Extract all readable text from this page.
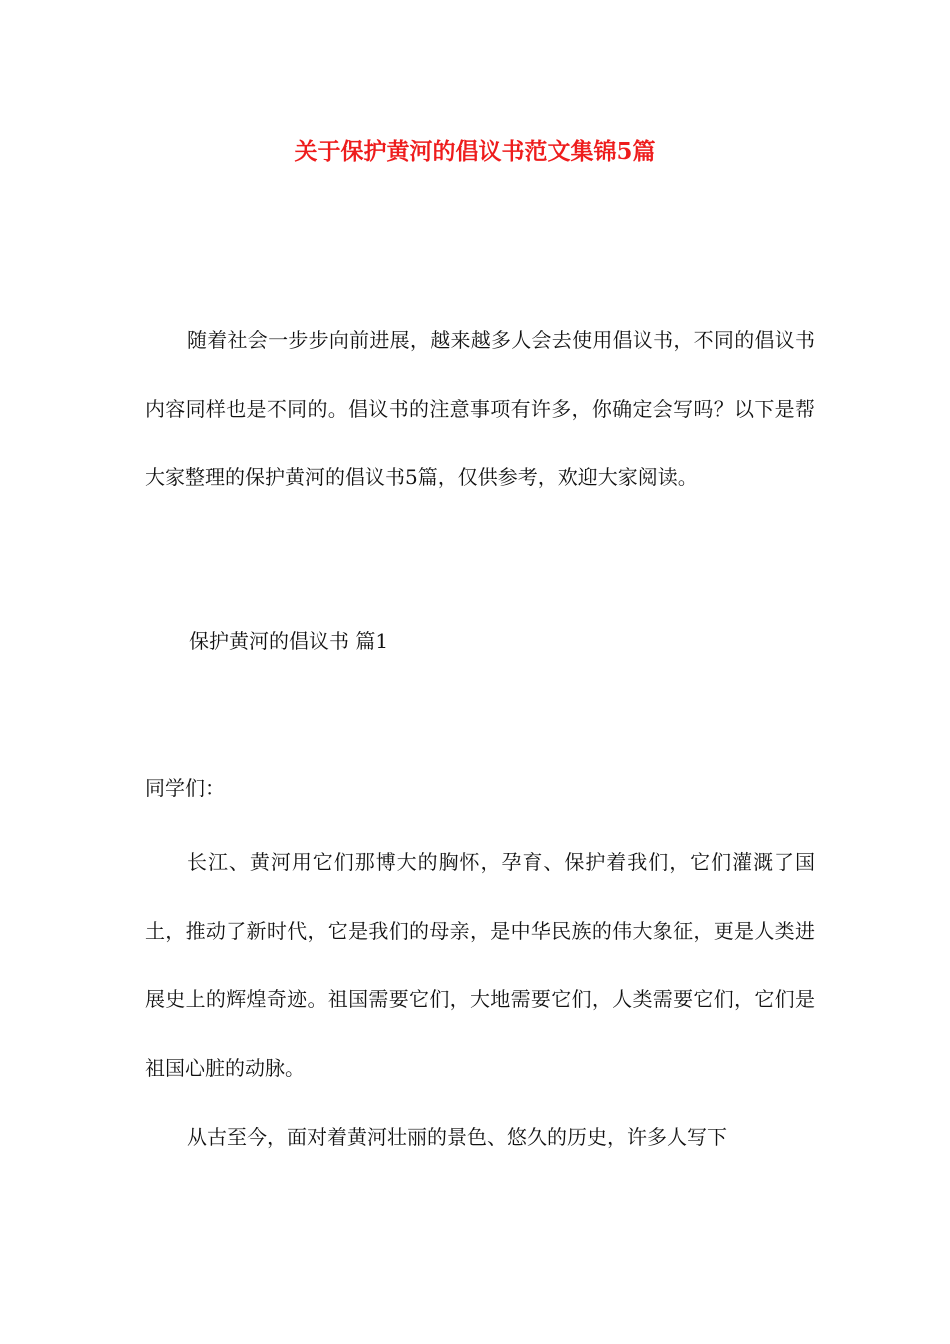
关于保护黄河的倡议书范文集锦5篇

随着社会一步步向前进展，越来越多人会去使用倡议书，不同的倡议书内容同样也是不同的。倡议书的注意事项有许多，你确定会写吗？以下是帮大家整理的保护黄河的倡议书5篇，仅供参考，欢迎大家阅读。

保护黄河的倡议书 篇1

同学们：

长江、黄河用它们那博大的胸怀，孕育、保护着我们，它们灌溉了国土，推动了新时代，它是我们的母亲，是中华民族的伟大象征，更是人类进展史上的辉煌奇迹。祖国需要它们，大地需要它们，人类需要它们，它们是祖国心脏的动脉。

从古至今，面对着黄河壮丽的景色、悠久的历史，许多人写下
